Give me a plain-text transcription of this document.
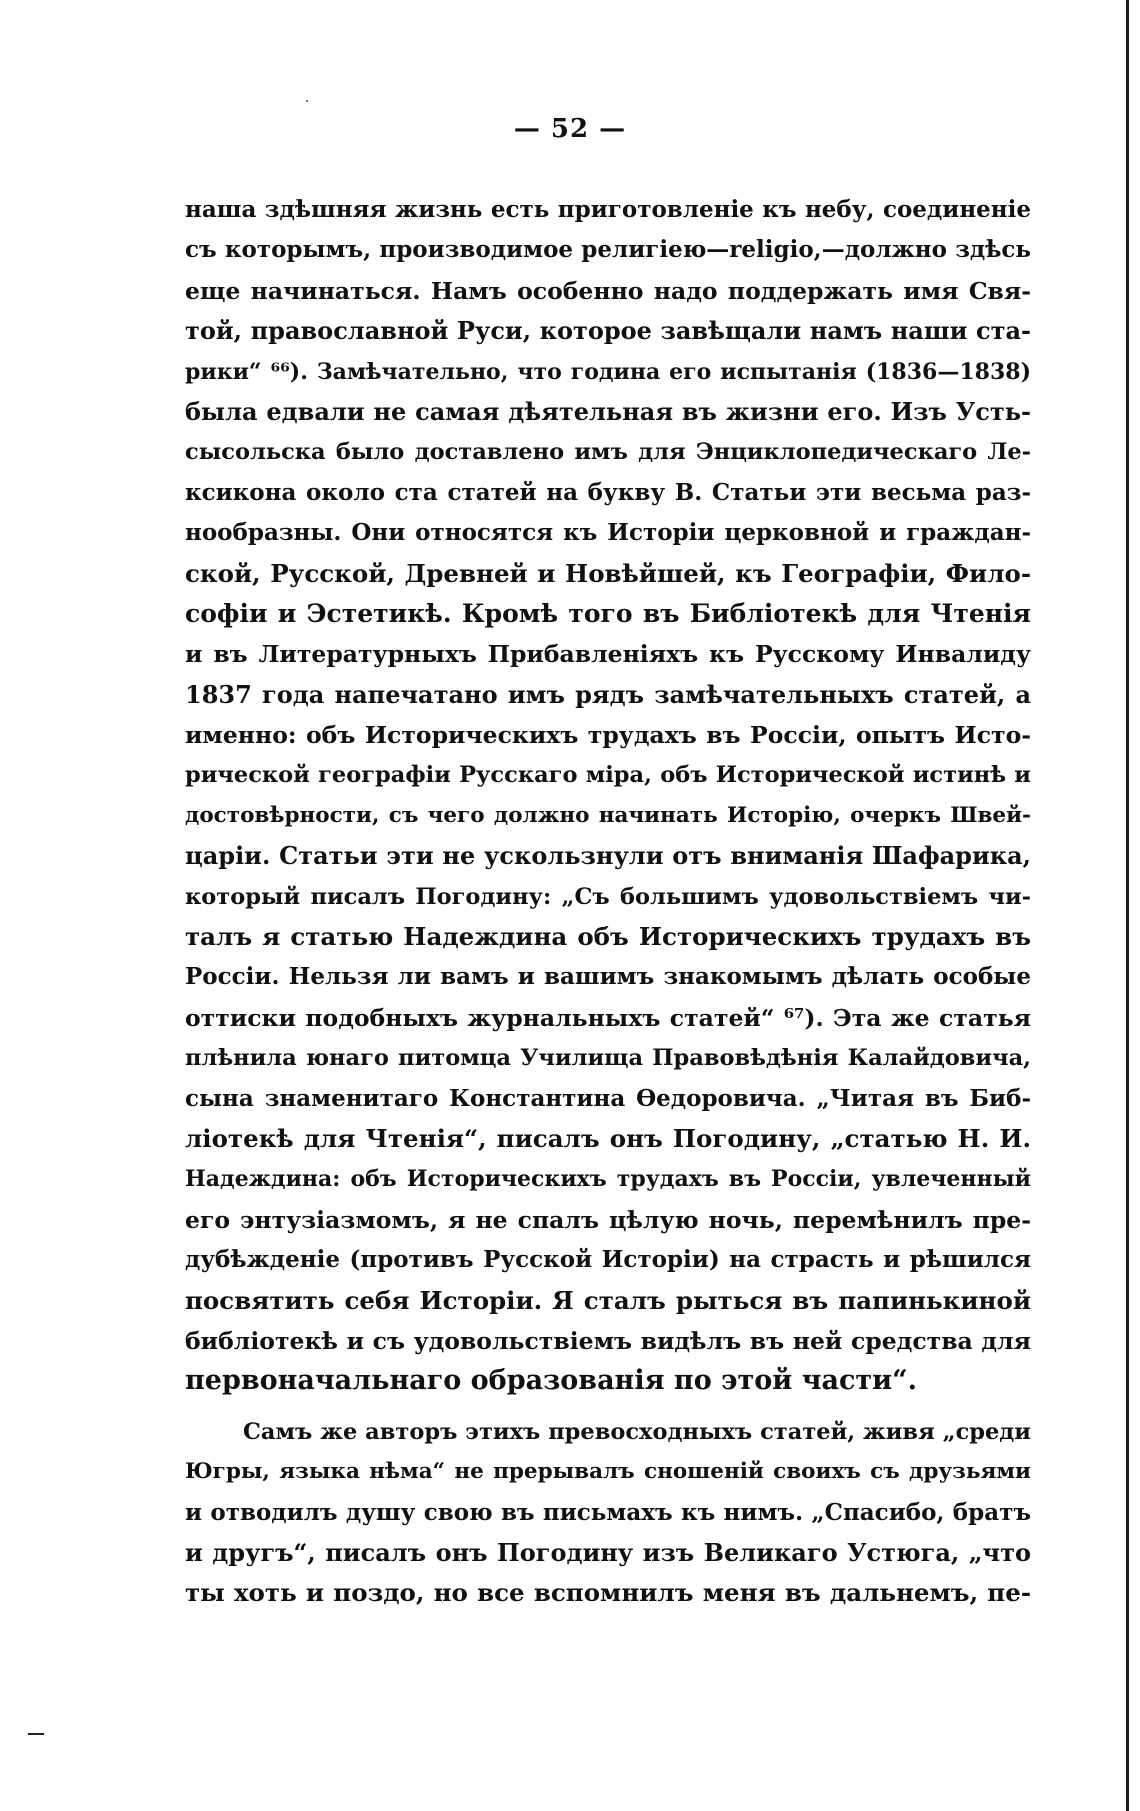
— 52 —
наша здѣшняя жизнь есть приготовленіе къ небу, соединеніе
съ которымъ, производимое религіею—religio,—должно здѣсь
еще начинаться. Намъ особенно надо поддержать имя Свя-
той, православной Руси, которое завѣщали намъ наши ста-
рики“ ⁶⁶). Замѣчательно, что година его испытанія (1836—1838)
была едвали не самая дѣятельная въ жизни его. Изъ Усть-
сысольска было доставлено имъ для Энциклопедическаго Ле-
ксикона около ста статей на букву В. Статьи эти весьма раз-
нообразны. Они относятся къ Исторіи церковной и граждан-
ской, Русской, Древней и Новѣйшей, къ Географіи, Фило-
софіи и Эстетикѣ. Кромѣ того въ Библіотекѣ для Чтенія
и въ Литературныхъ Прибавленіяхъ къ Русскому Инвалиду
1837 года напечатано имъ рядъ замѣчательныхъ статей, а
именно: объ Историческихъ трудахъ въ Россіи, опытъ Исто-
рической географіи Русскаго міра, объ Исторической истинѣ и
достовѣрности, съ чего должно начинать Исторію, очеркъ Швей-
царіи. Статьи эти не ускользнули отъ вниманія Шафарика,
который писалъ Погодину: „Съ большимъ удовольствіемъ чи-
талъ я статью Надеждина объ Историческихъ трудахъ въ
Россіи. Нельзя ли вамъ и вашимъ знакомымъ дѣлать особые
оттиски подобныхъ журнальныхъ статей“ ⁶⁷). Эта же статья
плѣнила юнаго питомца Училища Правовѣдѣнія Калайдовича,
сына знаменитаго Константина Ѳедоровича. „Читая въ Биб-
ліотекѣ для Чтенія“, писалъ онъ Погодину, „статью Н. И.
Надеждина: объ Историческихъ трудахъ въ Россіи, увлеченный
его энтузіазмомъ, я не спалъ цѣлую ночь, перемѣнилъ пре-
дубѣжденіе (противъ Русской Исторіи) на страсть и рѣшился
посвятить себя Исторіи. Я сталъ рыться въ папинькиной
библіотекѣ и съ удовольствіемъ видѣлъ въ ней средства для
первоначальнаго образованія по этой части“.
Самъ же авторъ этихъ превосходныхъ статей, живя „среди
Югры, языка нѣма“ не прерывалъ сношеній своихъ съ друзьями
и отводилъ душу свою въ письмахъ къ нимъ. „Спасибо, братъ
и другъ“, писалъ онъ Погодину изъ Великаго Устюга, „что
ты хоть и поздо, но все вспомнилъ меня въ дальнемъ, пе-
